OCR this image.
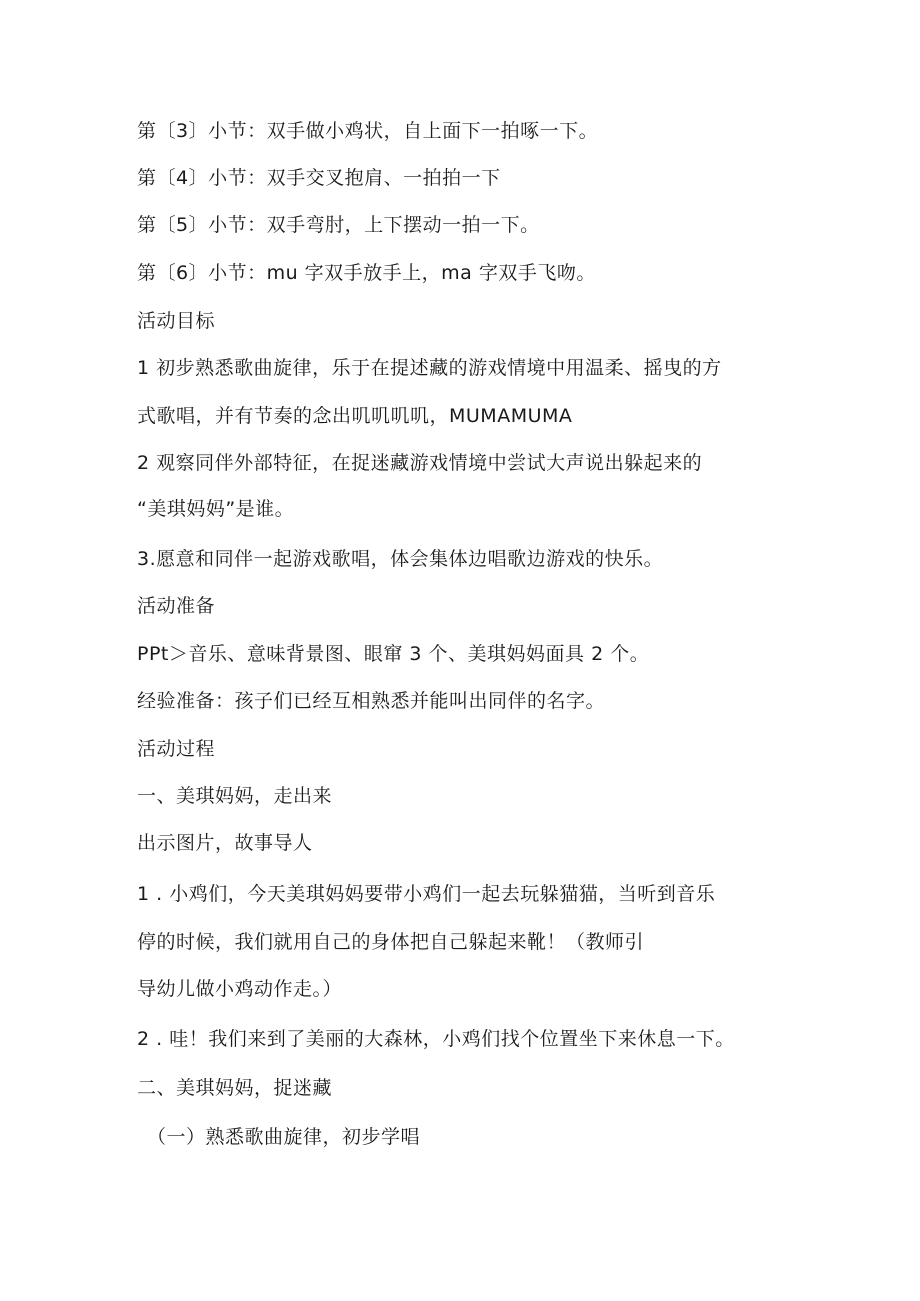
第〔3〕小节：双手做小鸡状，自上面下一拍啄一下。
第〔4〕小节：双手交叉抱肩、一拍拍一下
第〔5〕小节：双手弯肘，上下摆动一拍一下。
第〔6〕小节：mu 字双手放手上，ma 字双手飞吻。
活动目标
1 初步熟悉歌曲旋律，乐于在提述藏的游戏情境中用温柔、摇曳的方
式歌唱，并有节奏的念出叽叽叽叽，MUMAMUMA
2 观察同伴外部特征，在捉迷藏游戏情境中尝试大声说出躲起来的
“美琪妈妈”是谁。
3.愿意和同伴一起游戏歌唱，体会集体边唱歌边游戏的快乐。
活动准备
PPt＞音乐、意味背景图、眼窜 3 个、美琪妈妈面具 2 个。
经验准备：孩子们已经互相熟悉并能叫出同伴的名字。
活动过程
一、美琪妈妈，走出来
出示图片，故事导人
1 . 小鸡们，今天美琪妈妈要带小鸡们一起去玩躲猫猫，当听到音乐
停的时候，我们就用自己的身体把自己躲起来靴！（教师引
导幼儿做小鸡动作走。）
2 . 哇！我们来到了美丽的大森林，小鸡们找个位置坐下来休息一下。
二、美琪妈妈，捉迷藏
（一）熟悉歌曲旋律，初步学唱
